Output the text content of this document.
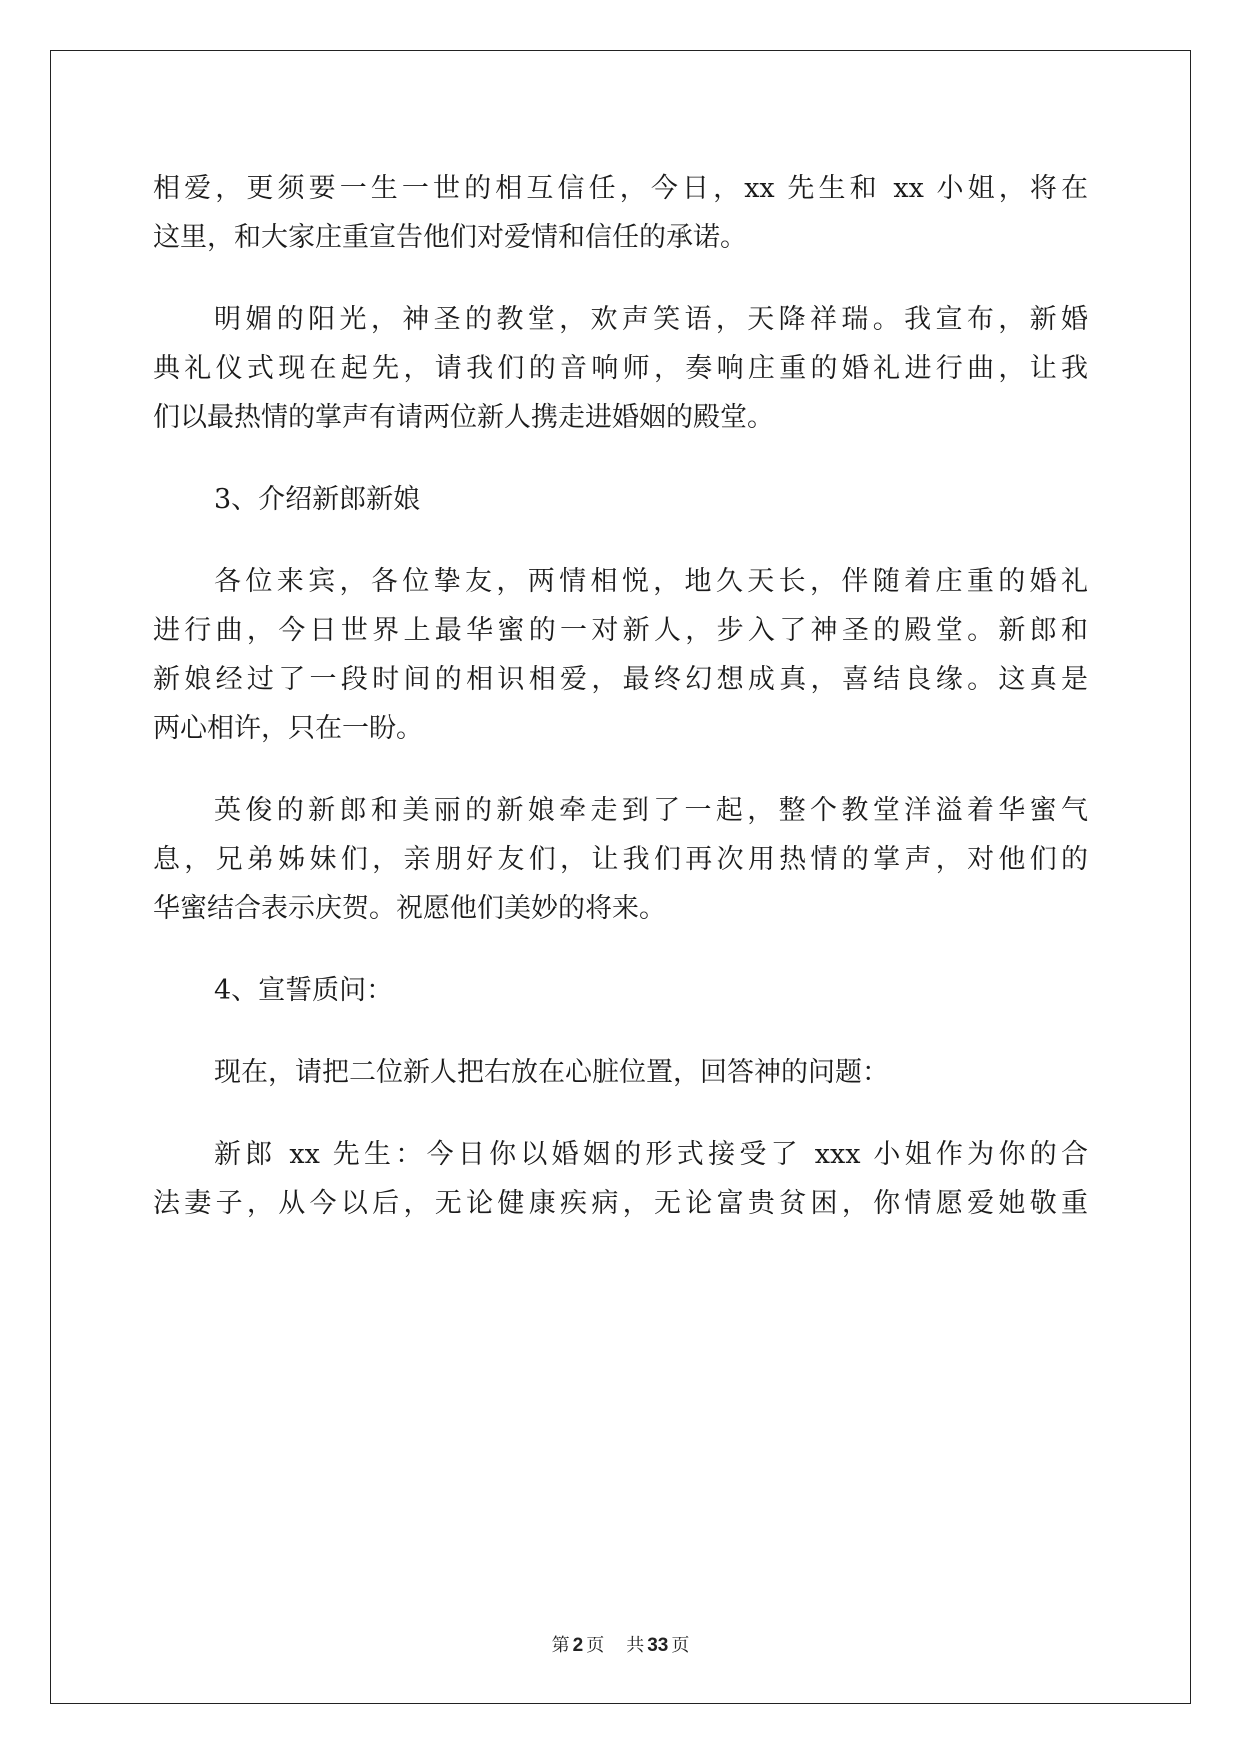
相爱，更须要一生一世的相互信任，今日，xx 先生和 xx 小姐，将在
这里，和大家庄重宣告他们对爱情和信任的承诺。
明媚的阳光，神圣的教堂，欢声笑语，天降祥瑞。我宣布，新婚
典礼仪式现在起先，请我们的音响师，奏响庄重的婚礼进行曲，让我
们以最热情的掌声有请两位新人携走进婚姻的殿堂。
3、介绍新郎新娘
各位来宾，各位挚友，两情相悦，地久天长，伴随着庄重的婚礼
进行曲，今日世界上最华蜜的一对新人，步入了神圣的殿堂。新郎和
新娘经过了一段时间的相识相爱，最终幻想成真，喜结良缘。这真是
两心相许，只在一盼。
英俊的新郎和美丽的新娘牵走到了一起，整个教堂洋溢着华蜜气
息，兄弟姊妹们，亲朋好友们，让我们再次用热情的掌声，对他们的
华蜜结合表示庆贺。祝愿他们美妙的将来。
4、宣誓质问：
现在，请把二位新人把右放在心脏位置，回答神的问题：
新郎 xx 先生：今日你以婚姻的形式接受了 xxx 小姐作为你的合
法妻子，从今以后，无论健康疾病，无论富贵贫困，你情愿爱她敬重
第 2 页 共 33 页
